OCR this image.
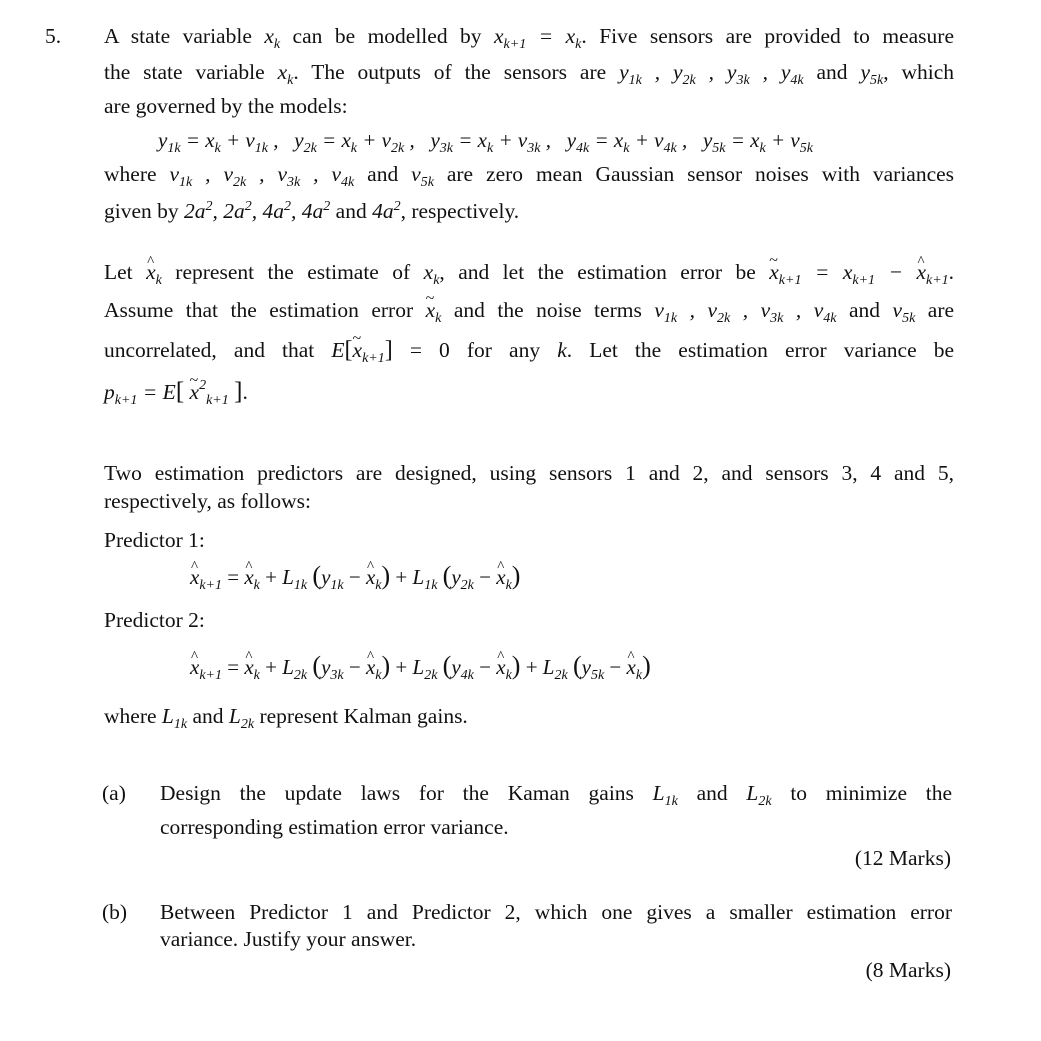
5. A state variable $x_k$ can be modelled by $x_{k+1} = x_k$. Five sensors are provided to measure
the state variable $x_k$. The outputs of the sensors are $y_{1k}$ , $y_{2k}$ , $y_{3k}$ , $y_{4k}$ and $y_{5k}$, which
are governed by the models:
$y_{1k} = x_k + v_{1k}$ ,   $y_{2k} = x_k + v_{2k}$ ,   $y_{3k} = x_k + v_{3k}$ ,   $y_{4k} = x_k + v_{4k}$ ,   $y_{5k} = x_k + v_{5k}$
where $v_{1k}$ , $v_{2k}$ , $v_{3k}$ , $v_{4k}$ and $v_{5k}$ are zero mean Gaussian sensor noises with variances
given by $2a^2$, $2a^2$, $4a^2$, $4a^2$ and $4a^2$, respectively.
Let ^ $x_k$ represent the estimate of $x_k$, and let the estimation error be ~ $x_{k+1} = x_{k+1}$ − ^ $x_{k+1}$.
Assume that the estimation error ~ $x_k$ and the noise terms $v_{1k}$ , $v_{2k}$ , $v_{3k}$ , $v_{4k}$ and $v_{5k}$ are
uncorrelated, and that E[~ $x_{k+1}] = 0$ for any k. Let the estimation error variance be
$p_{k+1} = E$[ ~ $x^2_{k+1}$ ].
Two estimation predictors are designed, using sensors 1 and 2, and sensors 3, 4 and 5,
respectively, as follows:
Predictor 1:
^ $x_{k+1}$ = ^ $x_k + L_{1k}$ ($y_{1k}$ − ^ $x_k) + L_{1k}$ ($y_{2k}$ − ^ $x_k$)
Predictor 2:
^ $x_{k+1}$ = ^ $x_k + L_{2k}$ ($y_{3k}$ − ^ $x_k) + L_{2k}$ ($y_{4k}$ − ^ $x_k) + L_{2k}$ ($y_{5k}$ − ^ $x_k$)
where $L_{1k}$ and $L_{2k}$ represent Kalman gains.
(a) Design the update laws for the Kaman gains $L_{1k}$ and $L_{2k}$ to minimize the
corresponding estimation error variance.
(12 Marks)
(b) Between Predictor 1 and Predictor 2, which one gives a smaller estimation error
variance. Justify your answer.
(8 Marks)
